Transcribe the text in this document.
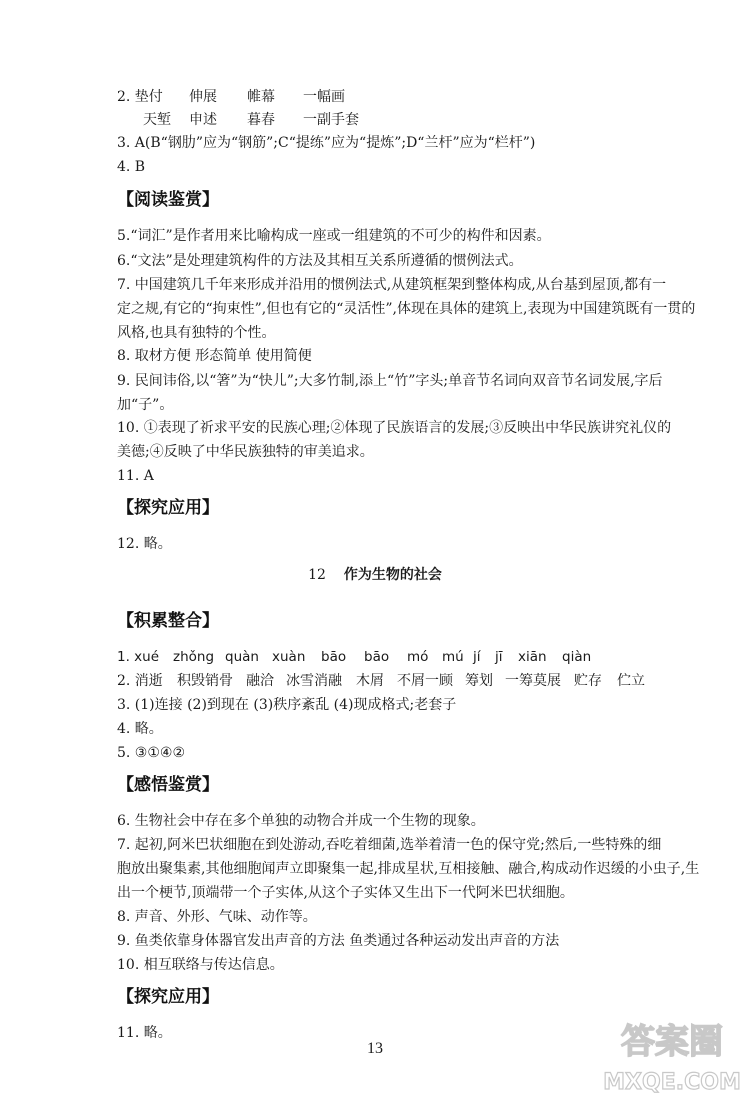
2. 垫付 伸展 帷幕 一幅画
天堑 申述 暮春 一副手套
3. A(B“钢肋”应为“钢筋”;C“提练”应为“提炼”;D“兰杆”应为“栏杆”)
4. B
【阅读鉴赏】
5.“词汇”是作者用来比喻构成一座或一组建筑的不可少的构件和因素。
6.“文法”是处理建筑构件的方法及其相互关系所遵循的惯例法式。
7. 中国建筑几千年来形成并沿用的惯例法式,从建筑框架到整体构成,从台基到屋顶,都有一
定之规,有它的“拘束性”,但也有它的“灵活性”,体现在具体的建筑上,表现为中国建筑既有一贯的
风格,也具有独特的个性。
8. 取材方便 形态简单 使用简便
9. 民间讳俗,以“箸”为“快儿”;大多竹制,添上“竹”字头;单音节名词向双音节名词发展,字后
加“子”。
10. ①表现了祈求平安的民族心理;②体现了民族语言的发展;③反映出中华民族讲究礼仪的
美德;④反映了中华民族独特的审美追求。
11. A
【探究应用】
12. 略。
12 作为生物的社会
【积累整合】
1. xué zhǒng quàn xuàn bāo bāo mó mú jí jī xiān qiàn
2. 消逝 积毁销骨 融洽 冰雪消融 木屑 不屑一顾 筹划 一筹莫展 贮存 伫立
3. (1)连接 (2)到现在 (3)秩序紊乱 (4)现成格式;老套子
4. 略。
5. ③①④②
【感悟鉴赏】
6. 生物社会中存在多个单独的动物合并成一个生物的现象。
7. 起初,阿米巴状细胞在到处游动,吞吃着细菌,选举着清一色的保守党;然后,一些特殊的细
胞放出聚集素,其他细胞闻声立即聚集一起,排成星状,互相接触、融合,构成动作迟缓的小虫子,生
出一个梗节,顶端带一个子实体,从这个子实体又生出下一代阿米巴状细胞。
8. 声音、外形、气味、动作等。
9. 鱼类依靠身体器官发出声音的方法 鱼类通过各种运动发出声音的方法
10. 相互联络与传达信息。
【探究应用】
11. 略。
13	答案圈
MXQE.COM
